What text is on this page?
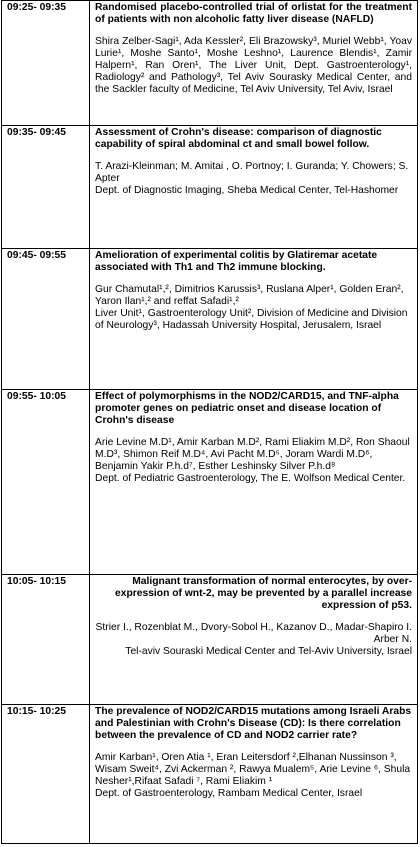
09:25- 09:35	Randomised placebo-controlled trial of orlistat for the treatment of patients with non alcoholic fatty liver disease (NAFLD)

Shira Zelber-Sagi¹, Ada Kessler², Eli Brazowsky³, Muriel Webb¹, Yoav Lurie¹, Moshe Santo¹, Moshe Leshno¹, Laurence Blendis¹, Zamir Halpern¹, Ran Oren¹, The Liver Unit, Dept. Gastroenterology¹, Radiology² and Pathology³, Tel Aviv Sourasky Medical Center, and the Sackler faculty of Medicine, Tel Aviv University, Tel Aviv, Israel

09:35- 09:45	Assessment of Crohn's disease: comparison of diagnostic capability of spiral abdominal ct and small bowel follow.

T. Arazi-Kleinman; M. Amitai , O. Portnoy; I. Guranda; Y. Chowers; S. Apter

Dept. of Diagnostic Imaging, Sheba Medical Center, Tel-Hashomer

09:45- 09:55	Amelioration of experimental colitis by Glatiremar acetate associated with Th1 and Th2 immune blocking.

Gur Chamutal¹,², Dimitrios Karussis³, Ruslana Alper¹, Golden Eran², Yaron Ilan¹,² and reffat Safadi¹,²

Liver Unit¹, Gastroenterology Unit², Division of Medicine and Division of Neurology³, Hadassah University Hospital, Jerusalem, Israel

09:55- 10:05	Effect of polymorphisms in the NOD2/CARD15, and TNF-alpha promoter genes on pediatric onset and disease location of Crohn's disease

Arie Levine M.D¹, Amir Karban M.D², Rami Eliakim M.D², Ron Shaoul M.D³, Shimon Reif M.D⁴, Avi Pacht M.D⁵, Joram Wardi M.D⁶, Benjamin Yakir P.h.d⁷, Esther Leshinsky Silver P.h.d⁸

Dept. of Pediatric Gastroenterology, The E. Wolfson Medical Center.

10:05- 10:15	Malignant transformation of normal enterocytes, by over-expression of wnt-2, may be prevented by a parallel increase expression of p53.

Strier I., Rozenblat M., Dvory-Sobol H., Kazanov D., Madar-Shapiro I. Arber N.

Tel-aviv Souraski Medical Center and Tel-Aviv University, Israel

10:15- 10:25	The prevalence of NOD2/CARD15 mutations among Israeli Arabs and Palestinian with Crohn's Disease (CD): Is there correlation between the prevalence of CD and NOD2 carrier rate?

Amir Karban¹, Oren Atia ¹, Eran Leitersdorf ²,Elhanan Nussinson ³, Wisam Sweit⁴, Zvi Ackerman ², Rawya Mualem⁵, Arie Levine ⁶, Shula Nesher¹,Rifaat Safadi ⁷, Rami Eliakim ¹

Dept. of Gastroenterology, Rambam Medical Center, Israel
